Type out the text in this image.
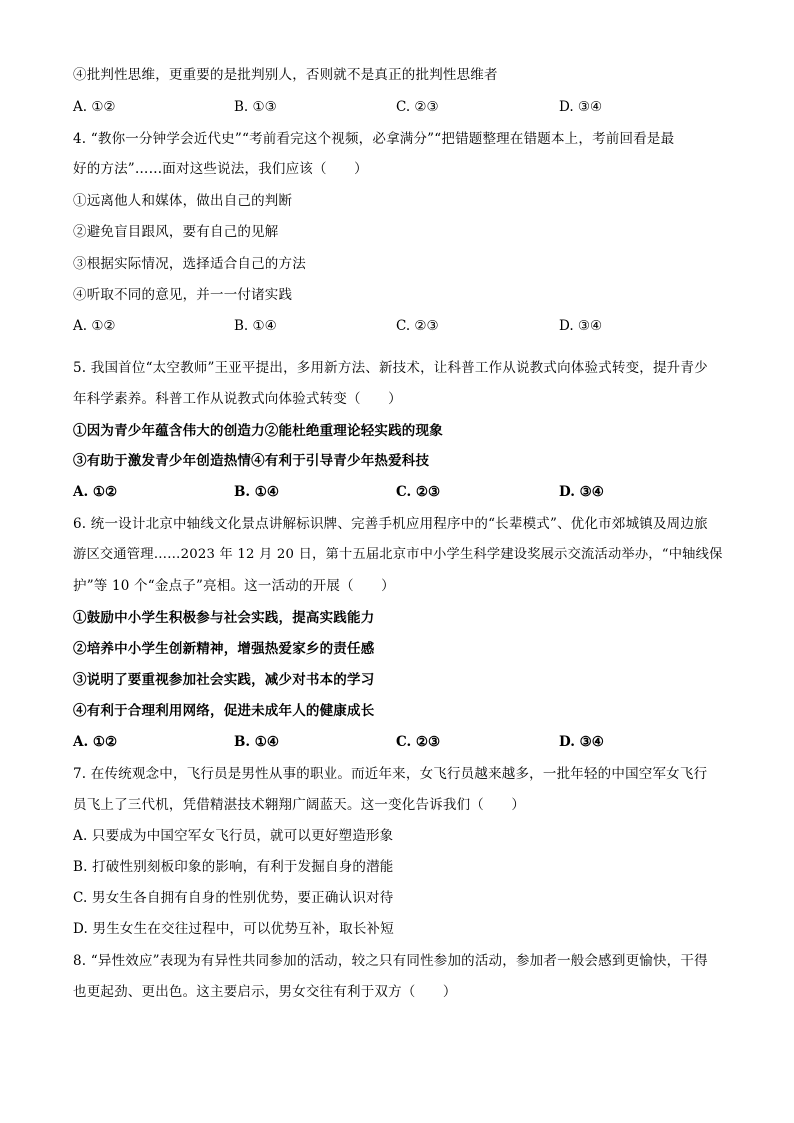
④批判性思维，更重要的是批判别人，否则就不是真正的批判性思维者
A. ①②	B. ①③	C. ②③	D. ③④
4. “教你一分钟学会近代史”“考前看完这个视频，必拿满分”“把错题整理在错题本上，考前回看是最
好的方法”……面对这些说法，我们应该（　　）
①远离他人和媒体，做出自己的判断
②避免盲目跟风，要有自己的见解
③根据实际情况，选择适合自己的方法
④听取不同的意见，并一一付诸实践
A. ①②	B. ①④	C. ②③	D. ③④
5. 我国首位“太空教师”王亚平提出，多用新方法、新技术，让科普工作从说教式向体验式转变，提升青少
年科学素养。科普工作从说教式向体验式转变（　　）
①因为青少年蕴含伟大的创造力②能杜绝重理论轻实践的现象
③有助于激发青少年创造热情④有利于引导青少年热爱科技
A. ①②	B. ①④	C. ②③	D. ③④
6. 统一设计北京中轴线文化景点讲解标识牌、完善手机应用程序中的“长辈模式”、优化市郊城镇及周边旅
游区交通管理……2023 年 12 月 20 日，第十五届北京市中小学生科学建设奖展示交流活动举办，“中轴线保
护”等 10 个“金点子”亮相。这一活动的开展（　　）
①鼓励中小学生积极参与社会实践，提高实践能力
②培养中小学生创新精神，增强热爱家乡的责任感
③说明了要重视参加社会实践，减少对书本的学习
④有利于合理利用网络，促进未成年人的健康成长
A. ①②	B. ①④	C. ②③	D. ③④
7. 在传统观念中，飞行员是男性从事的职业。而近年来，女飞行员越来越多，一批年轻的中国空军女飞行
员飞上了三代机，凭借精湛技术翱翔广阔蓝天。这一变化告诉我们（　　）
A. 只要成为中国空军女飞行员，就可以更好塑造形象
B. 打破性别刻板印象的影响，有利于发掘自身的潜能
C. 男女生各自拥有自身的性别优势，要正确认识对待
D. 男生女生在交往过程中，可以优势互补，取长补短
8. “异性效应”表现为有异性共同参加的活动，较之只有同性参加的活动，参加者一般会感到更愉快，干得
也更起劲、更出色。这主要启示，男女交往有利于双方（　　）
